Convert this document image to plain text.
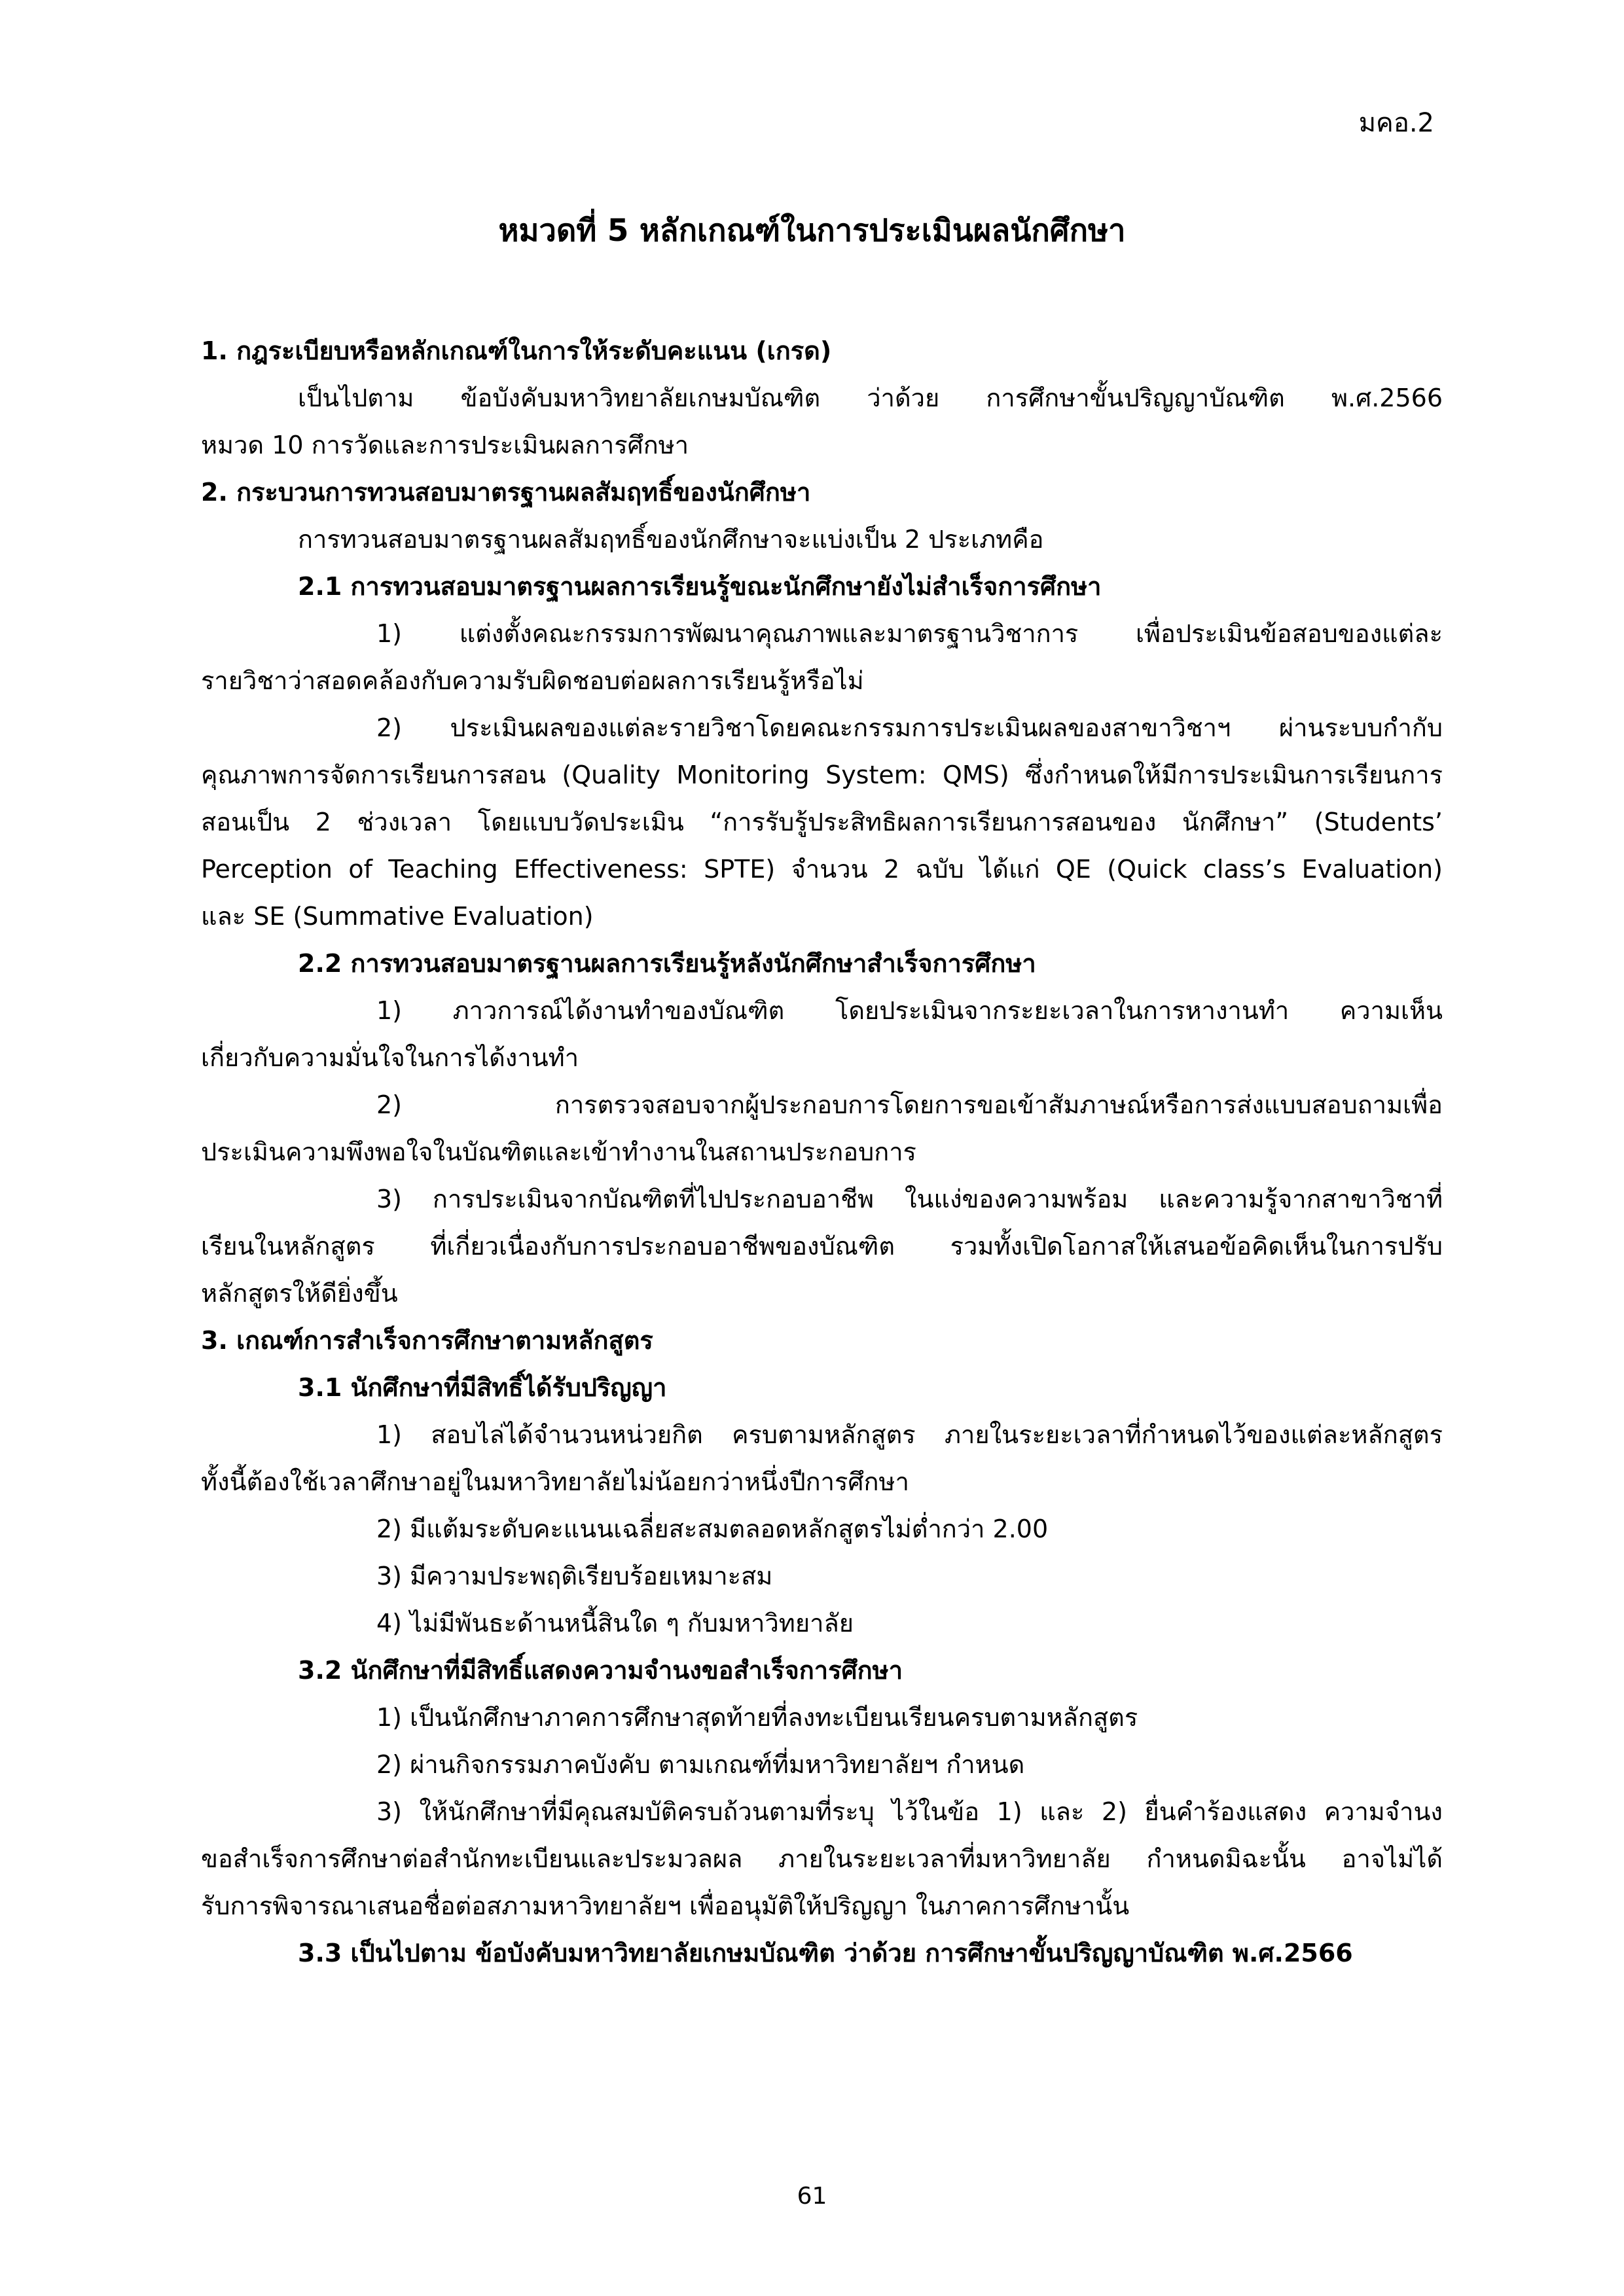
มคอ.2
หมวดที่ 5 หลักเกณฑ์ในการประเมินผลนักศึกษา
1. กฎระเบียบหรือหลักเกณฑ์ในการให้ระดับคะแนน (เกรด)
เป็นไปตาม ข้อบังคับมหาวิทยาลัยเกษมบัณฑิต ว่าด้วย การศึกษาขั้นปริญญาบัณฑิต พ.ศ.2566
หมวด 10 การวัดและการประเมินผลการศึกษา
2. กระบวนการทวนสอบมาตรฐานผลสัมฤทธิ์ของนักศึกษา
การทวนสอบมาตรฐานผลสัมฤทธิ์ของนักศึกษาจะแบ่งเป็น 2 ประเภทคือ
2.1 การทวนสอบมาตรฐานผลการเรียนรู้ขณะนักศึกษายังไม่สำเร็จการศึกษา
1) แต่งตั้งคณะกรรมการพัฒนาคุณภาพและมาตรฐานวิชาการ เพื่อประเมินข้อสอบของแต่ละ
รายวิชาว่าสอดคล้องกับความรับผิดชอบต่อผลการเรียนรู้หรือไม่
2) ประเมินผลของแต่ละรายวิชาโดยคณะกรรมการประเมินผลของสาขาวิชาฯ ผ่านระบบกำกับ
คุณภาพการจัดการเรียนการสอน (Quality Monitoring System: QMS) ซึ่งกำหนดให้มีการประเมินการเรียนการ
สอนเป็น 2 ช่วงเวลา โดยแบบวัดประเมิน “การรับรู้ประสิทธิผลการเรียนการสอนของ นักศึกษา” (Students’
Perception of Teaching Effectiveness: SPTE) จำนวน 2 ฉบับ ได้แก่ QE (Quick class’s Evaluation)
และ SE (Summative Evaluation)
2.2 การทวนสอบมาตรฐานผลการเรียนรู้หลังนักศึกษาสำเร็จการศึกษา
1) ภาวการณ์ได้งานทำของบัณฑิต โดยประเมินจากระยะเวลาในการหางานทำ ความเห็น
เกี่ยวกับความมั่นใจในการได้งานทำ
2) การตรวจสอบจากผู้ประกอบการโดยการขอเข้าสัมภาษณ์หรือการส่งแบบสอบถามเพื่อ
ประเมินความพึงพอใจในบัณฑิตและเข้าทำงานในสถานประกอบการ
3) การประเมินจากบัณฑิตที่ไปประกอบอาชีพ ในแง่ของความพร้อม และความรู้จากสาขาวิชาที่
เรียนในหลักสูตร ที่เกี่ยวเนื่องกับการประกอบอาชีพของบัณฑิต รวมทั้งเปิดโอกาสให้เสนอข้อคิดเห็นในการปรับ
หลักสูตรให้ดียิ่งขึ้น
3. เกณฑ์การสำเร็จการศึกษาตามหลักสูตร
3.1 นักศึกษาที่มีสิทธิ์ได้รับปริญญา
1) สอบไล่ได้จำนวนหน่วยกิต ครบตามหลักสูตร ภายในระยะเวลาที่กำหนดไว้ของแต่ละหลักสูตร
ทั้งนี้ต้องใช้เวลาศึกษาอยู่ในมหาวิทยาลัยไม่น้อยกว่าหนึ่งปีการศึกษา
2) มีแต้มระดับคะแนนเฉลี่ยสะสมตลอดหลักสูตรไม่ต่ำกว่า 2.00
3) มีความประพฤติเรียบร้อยเหมาะสม
4) ไม่มีพันธะด้านหนี้สินใด ๆ กับมหาวิทยาลัย
3.2 นักศึกษาที่มีสิทธิ์แสดงความจำนงขอสำเร็จการศึกษา
1) เป็นนักศึกษาภาคการศึกษาสุดท้ายที่ลงทะเบียนเรียนครบตามหลักสูตร
2) ผ่านกิจกรรมภาคบังคับ ตามเกณฑ์ที่มหาวิทยาลัยฯ กำหนด
3) ให้นักศึกษาที่มีคุณสมบัติครบถ้วนตามที่ระบุ ไว้ในข้อ 1) และ 2) ยื่นคำร้องแสดง ความจำนง
ขอสำเร็จการศึกษาต่อสำนักทะเบียนและประมวลผล ภายในระยะเวลาที่มหาวิทยาลัย กำหนดมิฉะนั้น อาจไม่ได้
รับการพิจารณาเสนอชื่อต่อสภามหาวิทยาลัยฯ เพื่ออนุมัติให้ปริญญา ในภาคการศึกษานั้น
3.3 เป็นไปตาม ข้อบังคับมหาวิทยาลัยเกษมบัณฑิต ว่าด้วย การศึกษาขั้นปริญญาบัณฑิต พ.ศ.2566
61
